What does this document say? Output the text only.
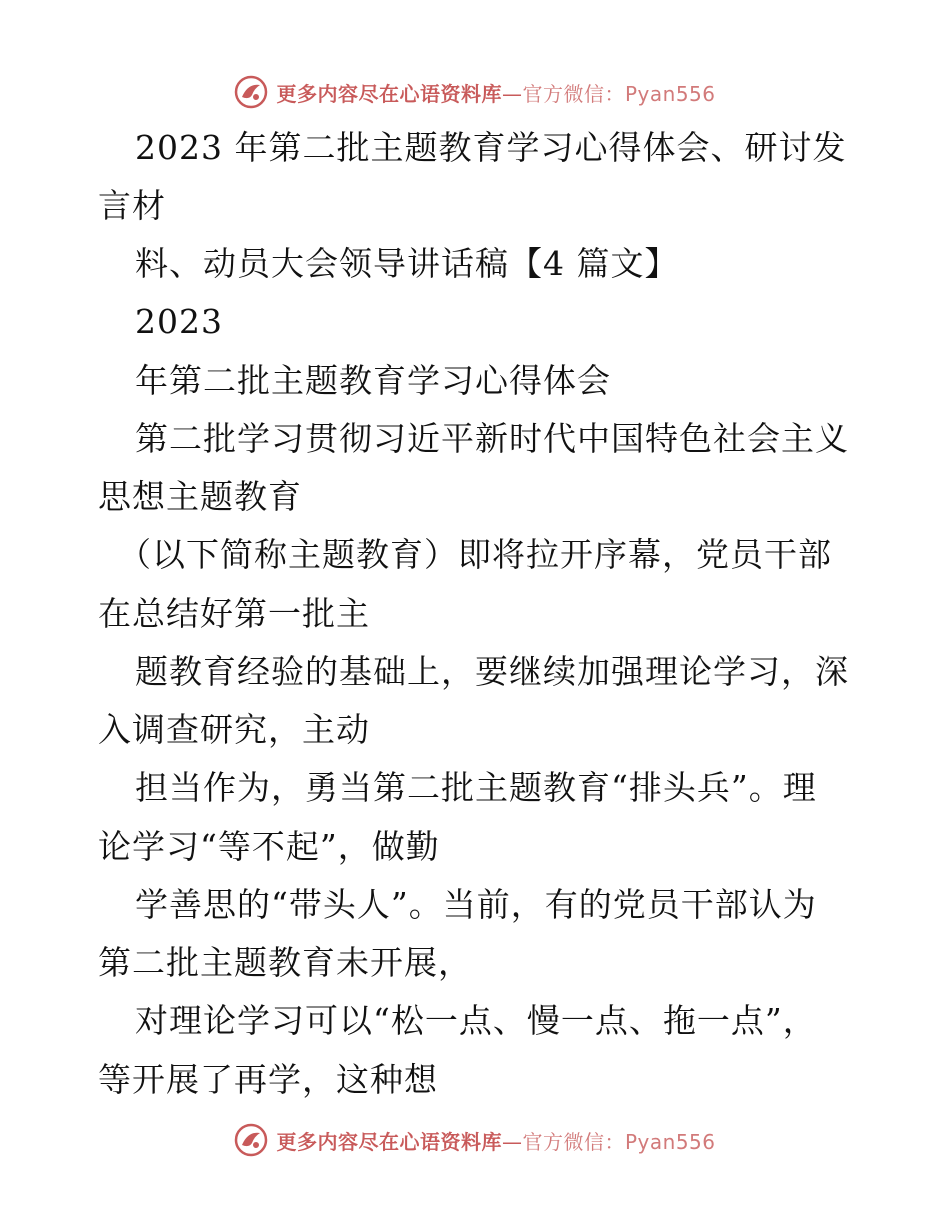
更多内容尽在心语资料库—官方微信：Pyan556
2023 年第二批主题教育学习心得体会、研讨发
言材
料、动员大会领导讲话稿【4 篇文】
2023
年第二批主题教育学习心得体会
第二批学习贯彻习近平新时代中国特色社会主义
思想主题教育
（以下简称主题教育）即将拉开序幕，党员干部
在总结好第一批主
题教育经验的基础上，要继续加强理论学习，深
入调查研究，主动
担当作为，勇当第二批主题教育“排头兵”。理
论学习“等不起”，做勤
学善思的“带头人”。当前，有的党员干部认为
第二批主题教育未开展，
对理论学习可以“松一点、慢一点、拖一点”，
等开展了再学，这种想
更多内容尽在心语资料库—官方微信：Pyan556
